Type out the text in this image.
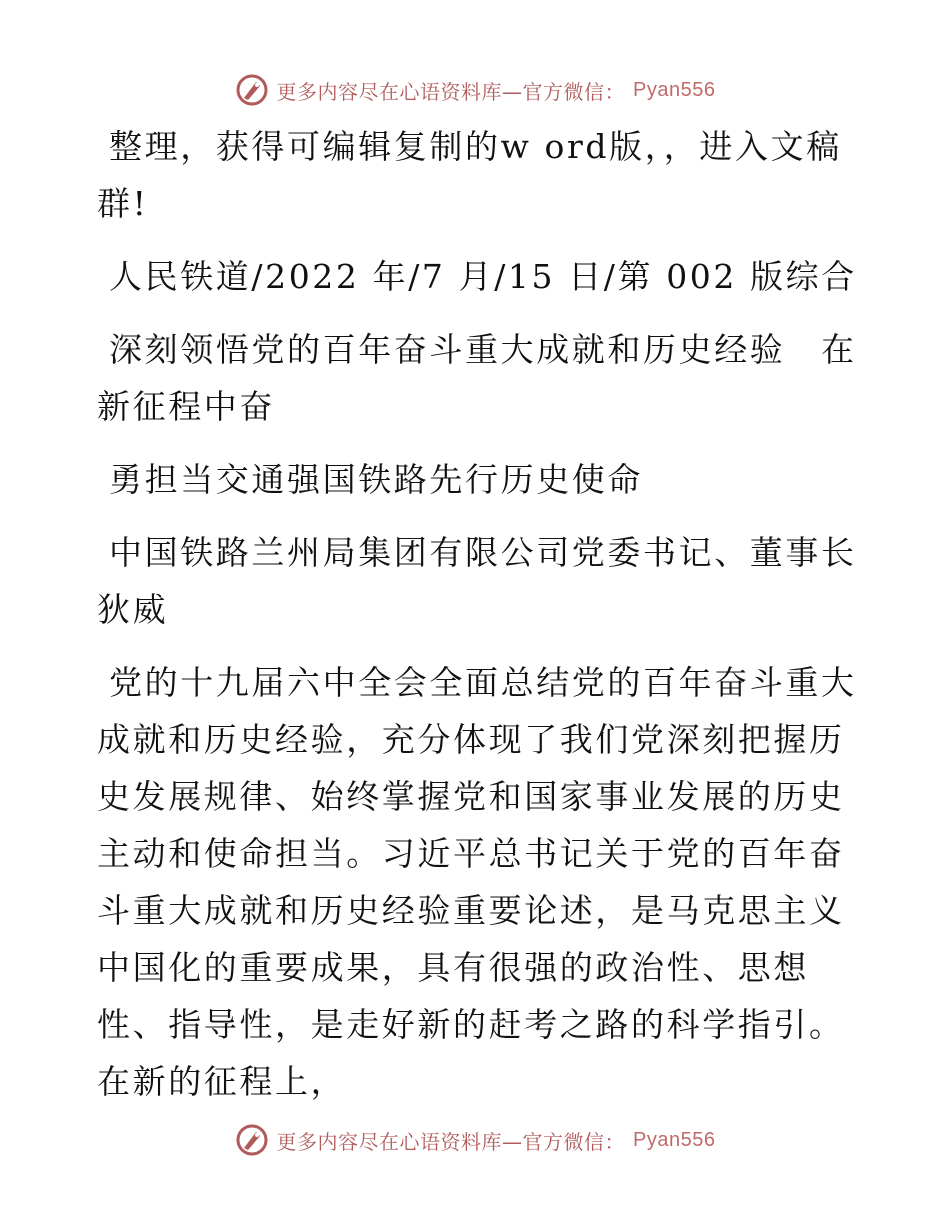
更多内容尽在心语资料库—官方微信： Pyan556

整理，获得可编辑复制的w ord版，，进入文稿群!

人民铁道/2022 年/7 月/15 日/第 002 版综合

深刻领悟党的百年奋斗重大成就和历史经验　在新征程中奋

勇担当交通强国铁路先行历史使命

中国铁路兰州局集团有限公司党委书记、董事长狄威

党的十九届六中全会全面总结党的百年奋斗重大成就和历史经验，充分体现了我们党深刻把握历史发展规律、始终掌握党和国家事业发展的历史主动和使命担当。习近平总书记关于党的百年奋斗重大成就和历史经验重要论述，是马克思主义中国化的重要成果，具有很强的政治性、思想性、指导性，是走好新的赶考之路的科学指引。在新的征程上，

更多内容尽在心语资料库—官方微信： Pyan556
